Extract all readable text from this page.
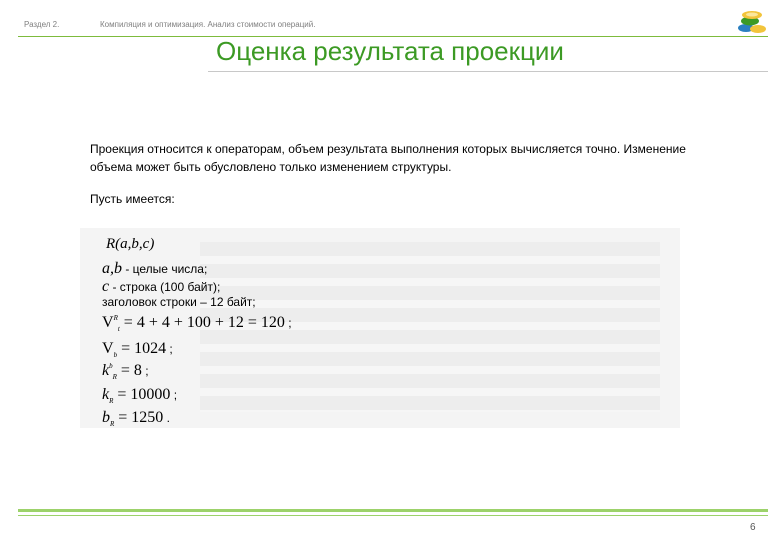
Раздел 2.	Компиляция и оптимизация. Анализ стоимости операций.
Оценка результата проекции
Проекция относится к операторам, объем результата выполнения которых вычисляется точно. Изменение объема может быть обусловлено только изменением структуры.
Пусть имеется:
R(a,b,c)
a,b - целые числа;
c - строка (100 байт);
заголовок строки – 12 байт;
$V^R_t = 4 + 4 + 100 + 12 = 120$ ;
$V_b = 1024$ ;
$k^b_R = 8$ ;
$k_R = 10000$ ;
$b_R = 1250$ .
6
